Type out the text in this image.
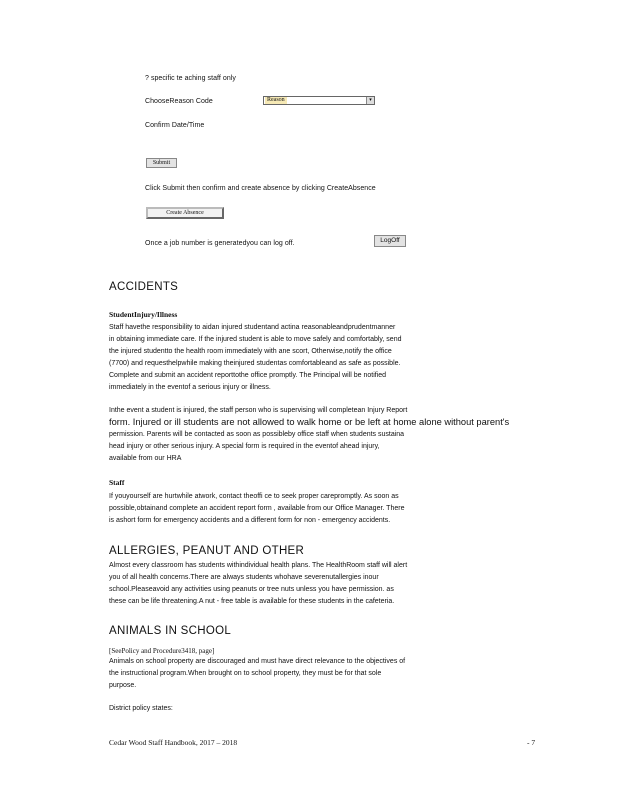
? specific te aching staff only
ChooseReason Code	Reason	▾
Confirm Date/Time
Submit
Click Submit then confirm and create absence by clicking CreateAbsence
Create Absence
Once a job number is generatedyou can log off.	LogOff
ACCIDENTS
StudentInjury/Illness
Staff havethe responsibility to aidan injured studentand actina reasonableandprudentmanner
in obtaining immediate care. If the injured student is able to move safely and comfortably, send
the injured studentto the health room immediately with ane scort, Otherwise,notify the office
(7700) and requesthelpwhile making theinjured studentas comfortableand as safe as possible.
Complete and submit an accident reporttothe office promptly. The Principal will be notified
immediately in the eventof a serious injury or illness.
Inthe event a student is injured, the staff person who is supervising will completean Injury Report
form. Injured or ill students are not allowed to walk home or be left at home alone without parent's
permission. Parents will be contacted as soon as possibleby office staff when students sustaina
head injury or other serious injury. A special form is required in the eventof ahead injury,
available from our HRA
Staff
If youyourself are hurtwhile atwork, contact theoffi ce to seek proper carepromptly. As soon as
possible,obtainand complete an accident report form , available from our Office Manager. There
is ashort form for emergency accidents and a different form for non - emergency accidents.
ALLERGIES, PEANUT AND OTHER
Almost every classroom has students withindividual health plans. The HealthRoom staff will alert
you of all health concerns.There are always students whohave severenutallergies inour
school.Pleaseavoid any activities using peanuts or tree nuts unless you have permission. as
these can be life threatening.A nut - free table is available for these students in the cafeteria.
ANIMALS IN SCHOOL
[SeePolicy and Procedure3418, page]
Animals on school property are discouraged and must have direct relevance to the objectives of
the instructional program.When brought on to school property, they must be for that sole
purpose.
District policy states:
Cedar Wood Staff Handbook, 2017 – 2018	- 7
